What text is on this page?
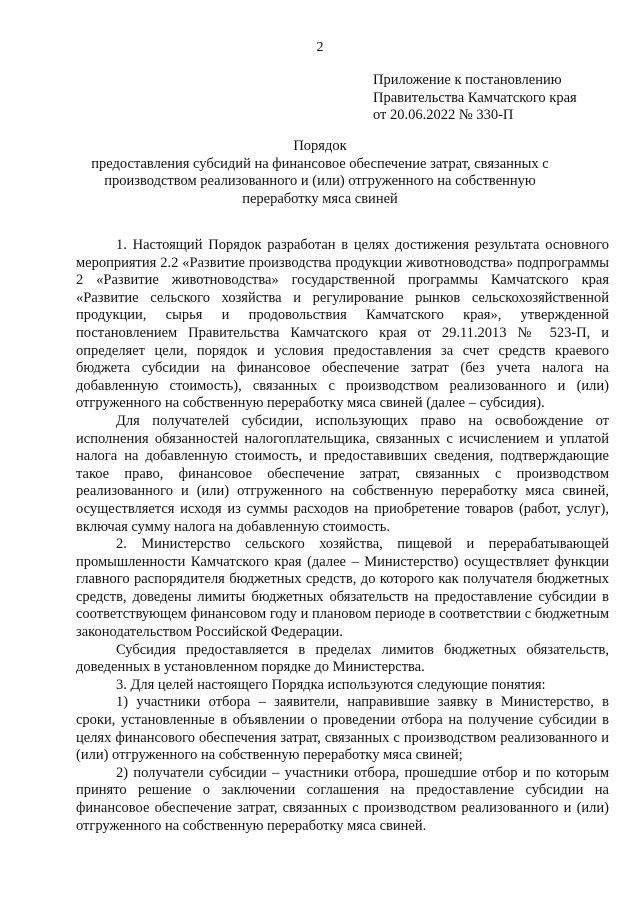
2
Приложение к постановлению
Правительства Камчатского края
от 20.06.2022 № 330-П
Порядок
предоставления субсидий на финансовое обеспечение затрат, связанных с
производством реализованного и (или) отгруженного на собственную
переработку мяса свиней

1. Настоящий Порядок разработан в целях достижения результата основного мероприятия 2.2 «Развитие производства продукции животноводства» подпрограммы 2 «Развитие животноводства» государственной программы Камчатского края «Развитие сельского хозяйства и регулирование рынков сельскохозяйственной продукции, сырья и продовольствия Камчатского края», утвержденной постановлением Правительства Камчатского края от 29.11.2013 № 523-П, и определяет цели, порядок и условия предоставления за счет средств краевого бюджета субсидии на финансовое обеспечение затрат (без учета налога на добавленную стоимость), связанных с производством реализованного и (или) отгруженного на собственную переработку мяса свиней (далее – субсидия).

Для получателей субсидии, использующих право на освобождение от исполнения обязанностей налогоплательщика, связанных с исчислением и уплатой налога на добавленную стоимость, и предоставивших сведения, подтверждающие такое право, финансовое обеспечение затрат, связанных с производством реализованного и (или) отгруженного на собственную переработку мяса свиней, осуществляется исходя из суммы расходов на приобретение товаров (работ, услуг), включая сумму налога на добавленную стоимость.

2. Министерство сельского хозяйства, пищевой и перерабатывающей промышленности Камчатского края (далее – Министерство) осуществляет функции главного распорядителя бюджетных средств, до которого как получателя бюджетных средств, доведены лимиты бюджетных обязательств на предоставление субсидии в соответствующем финансовом году и плановом периоде в соответствии с бюджетным законодательством Российской Федерации.

Субсидия предоставляется в пределах лимитов бюджетных обязательств, доведенных в установленном порядке до Министерства.

3. Для целей настоящего Порядка используются следующие понятия:

1) участники отбора – заявители, направившие заявку в Министерство, в сроки, установленные в объявлении о проведении отбора на получение субсидии в целях финансового обеспечения затрат, связанных с производством реализованного и (или) отгруженного на собственную переработку мяса свиней;

2) получатели субсидии – участники отбора, прошедшие отбор и по которым принято решение о заключении соглашения на предоставление субсидии на финансовое обеспечение затрат, связанных с производством реализованного и (или) отгруженного на собственную переработку мяса свиней.
